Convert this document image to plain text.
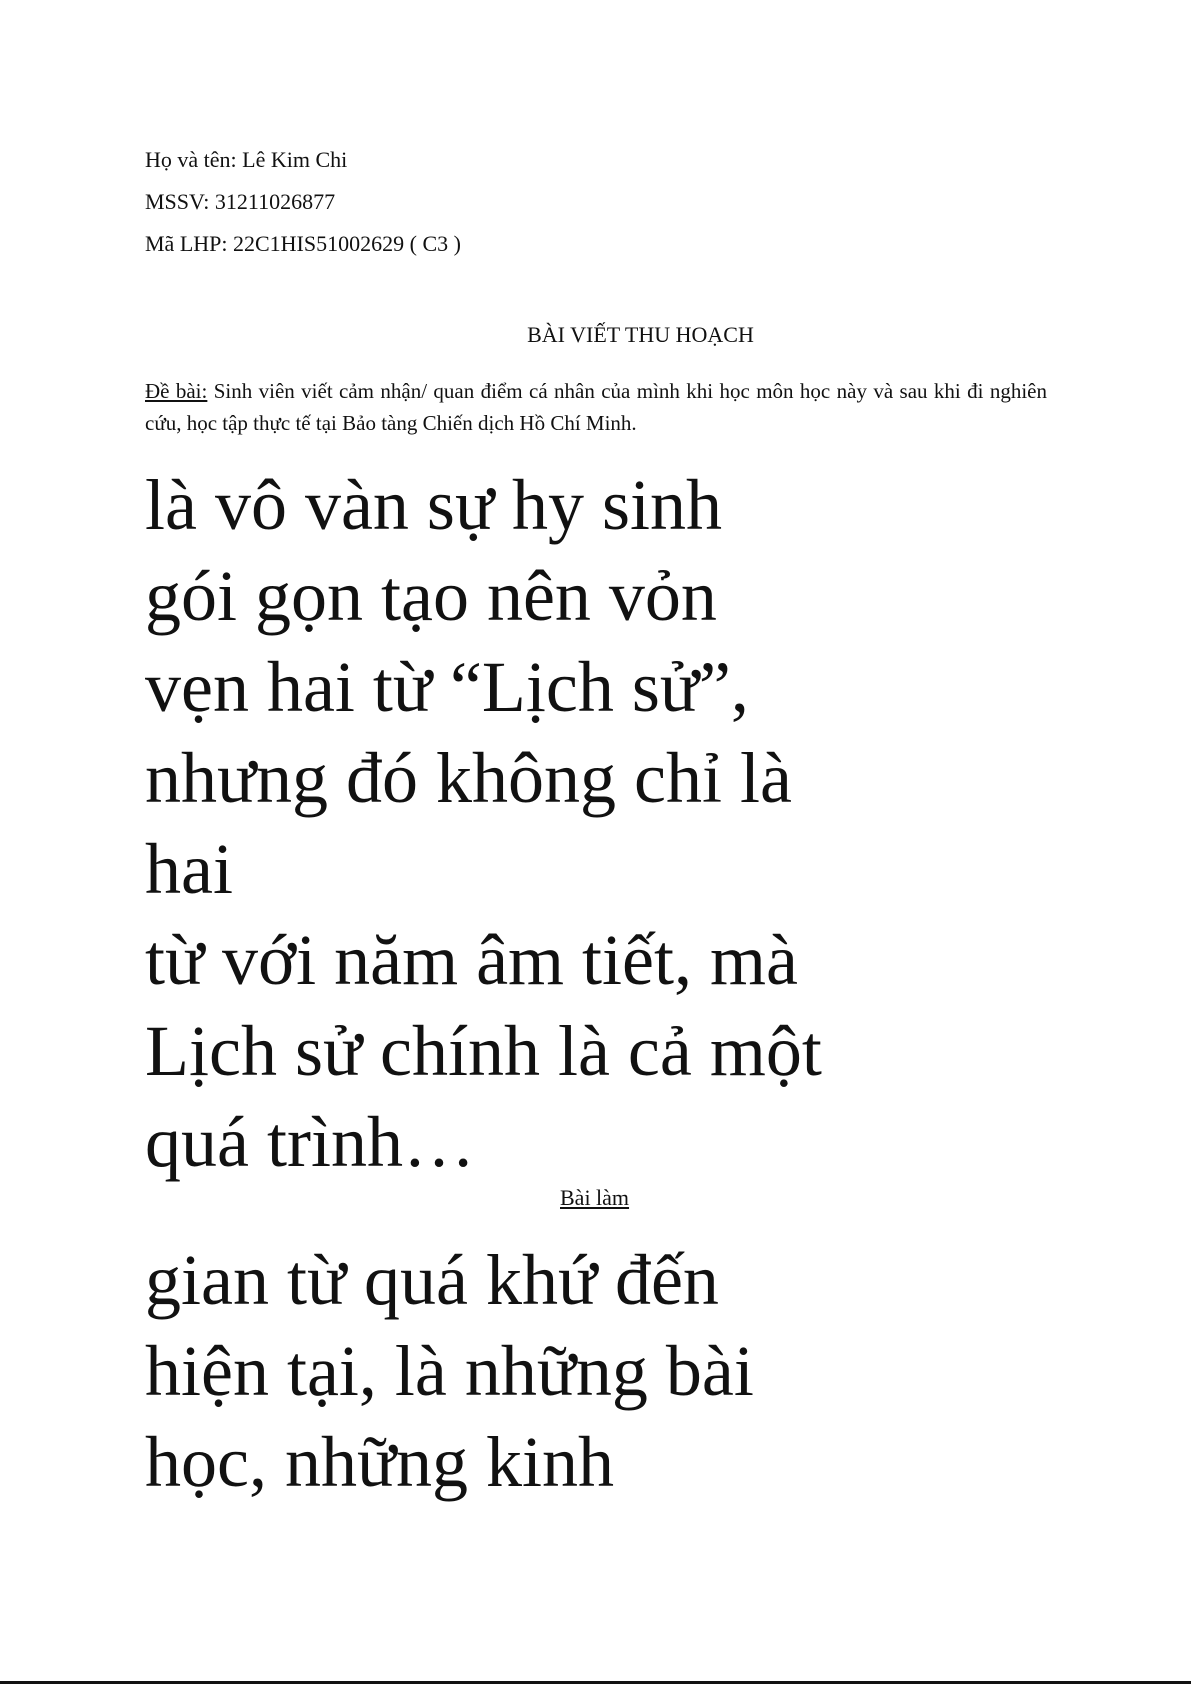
Họ và tên: Lê Kim Chi
MSSV: 31211026877
Mã LHP: 22C1HIS51002629 ( C3 )
BÀI VIẾT THU HOẠCH
Đề bài: Sinh viên viết cảm nhận/ quan điểm cá nhân của mình khi học môn học này và sau khi đi nghiên cứu, học tập thực tế tại Bảo tàng Chiến dịch Hồ Chí Minh.
là vô vàn sự hy sinh
gói gọn tạo nên vỏn
vẹn hai từ “Lịch sử”,
nhưng đó không chỉ là
hai
từ với năm âm tiết, mà
Lịch sử chính là cả một
quá trình…
Bài làm
gian từ quá khứ đến
hiện tại, là những bài
học, những kinh
